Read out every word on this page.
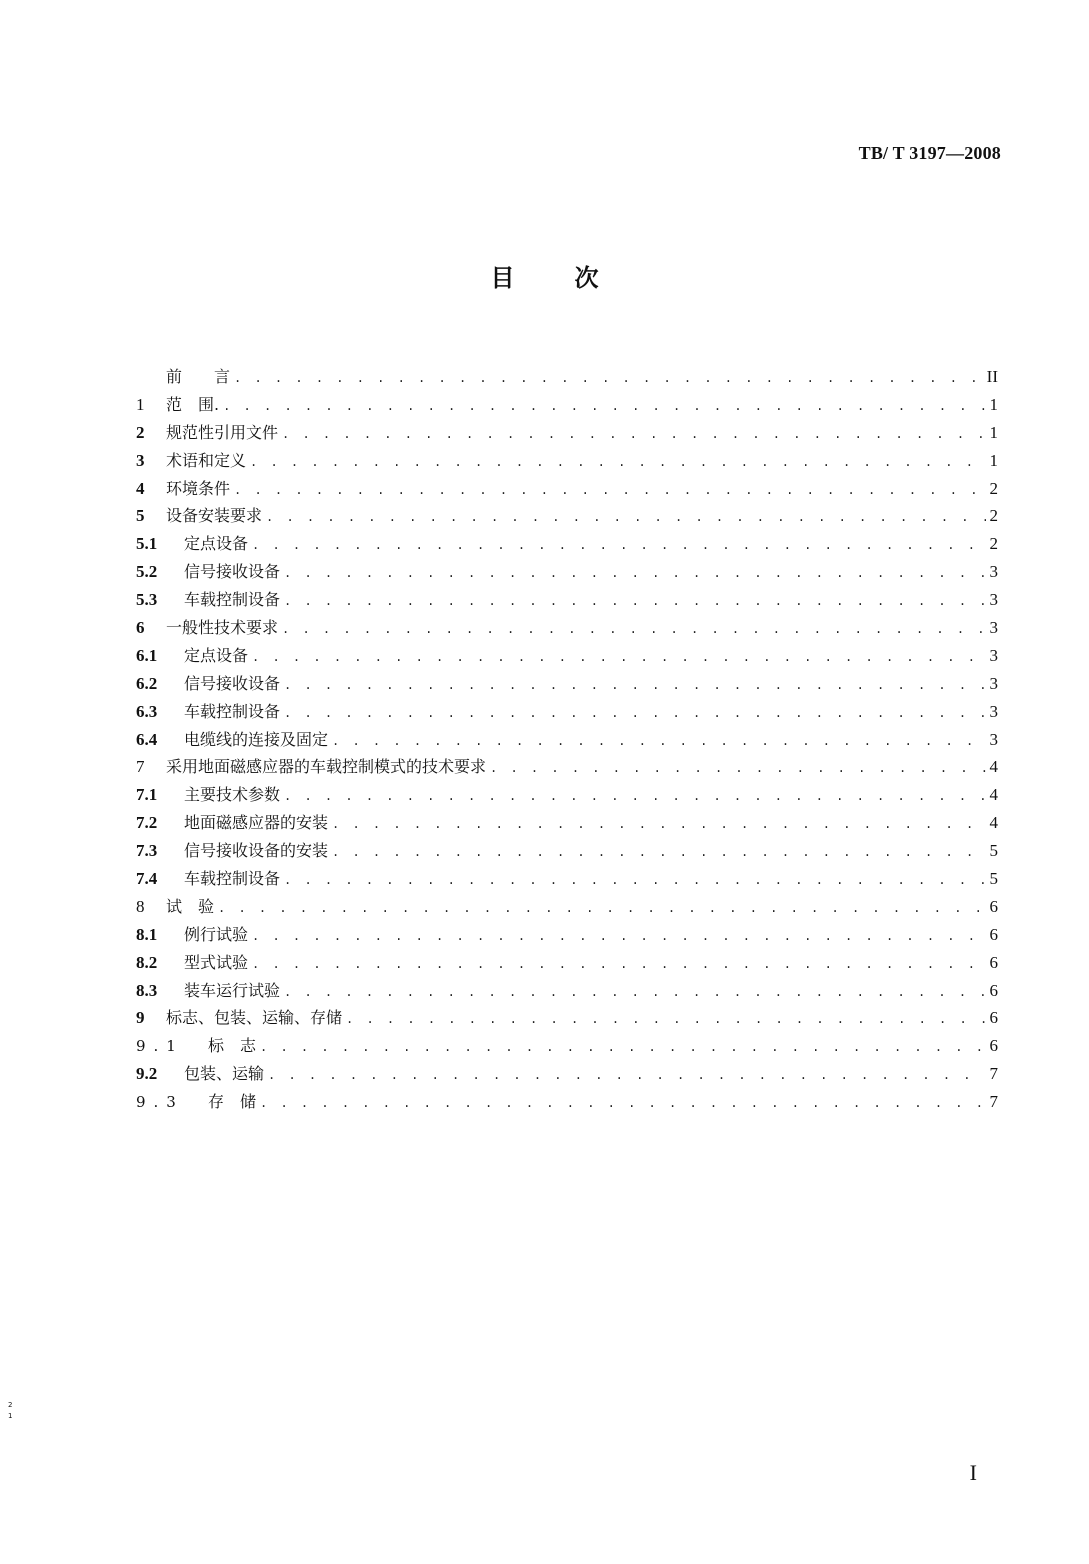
TB/ T 3197—2008
目次
前　　言 . . .	II
1	范　围. . . .	1
2	规范性引用文件 . . .	1
3	术语和定义 . . .	1
4	环境条件 . . .	2
5	设备安装要求 . . .	2
5.1	定点设备 . . .	2
5.2	信号接收设备 . . .	3
5.3	车载控制设备 . . .	3
6	一般性技术要求 . . .	3
6.1	定点设备 . . .	3
6.2	信号接收设备 . . .	3
6.3	车载控制设备 . . .	3
6.4	电缆线的连接及固定 . . .	3
7	采用地面磁感应器的车载控制模式的技术要求 . . .	4
7.1	主要技术参数 . . .	4
7.2	地面磁感应器的安装 . . .	4
7.3	信号接收设备的安装 . . .	5
7.4	车载控制设备 . . .	5
8	试　验 . . .	6
8.1	例行试验 . . .	6
8.2	型式试验 . . .	6
8.3	装车运行试验 . . .	6
9	标志、包装、运输、存储 . . .	6
9.1	标　志 . . .	6
9.2	包装、运输 . . .	7
9.3	存　储 . . .	7
2
1
I
